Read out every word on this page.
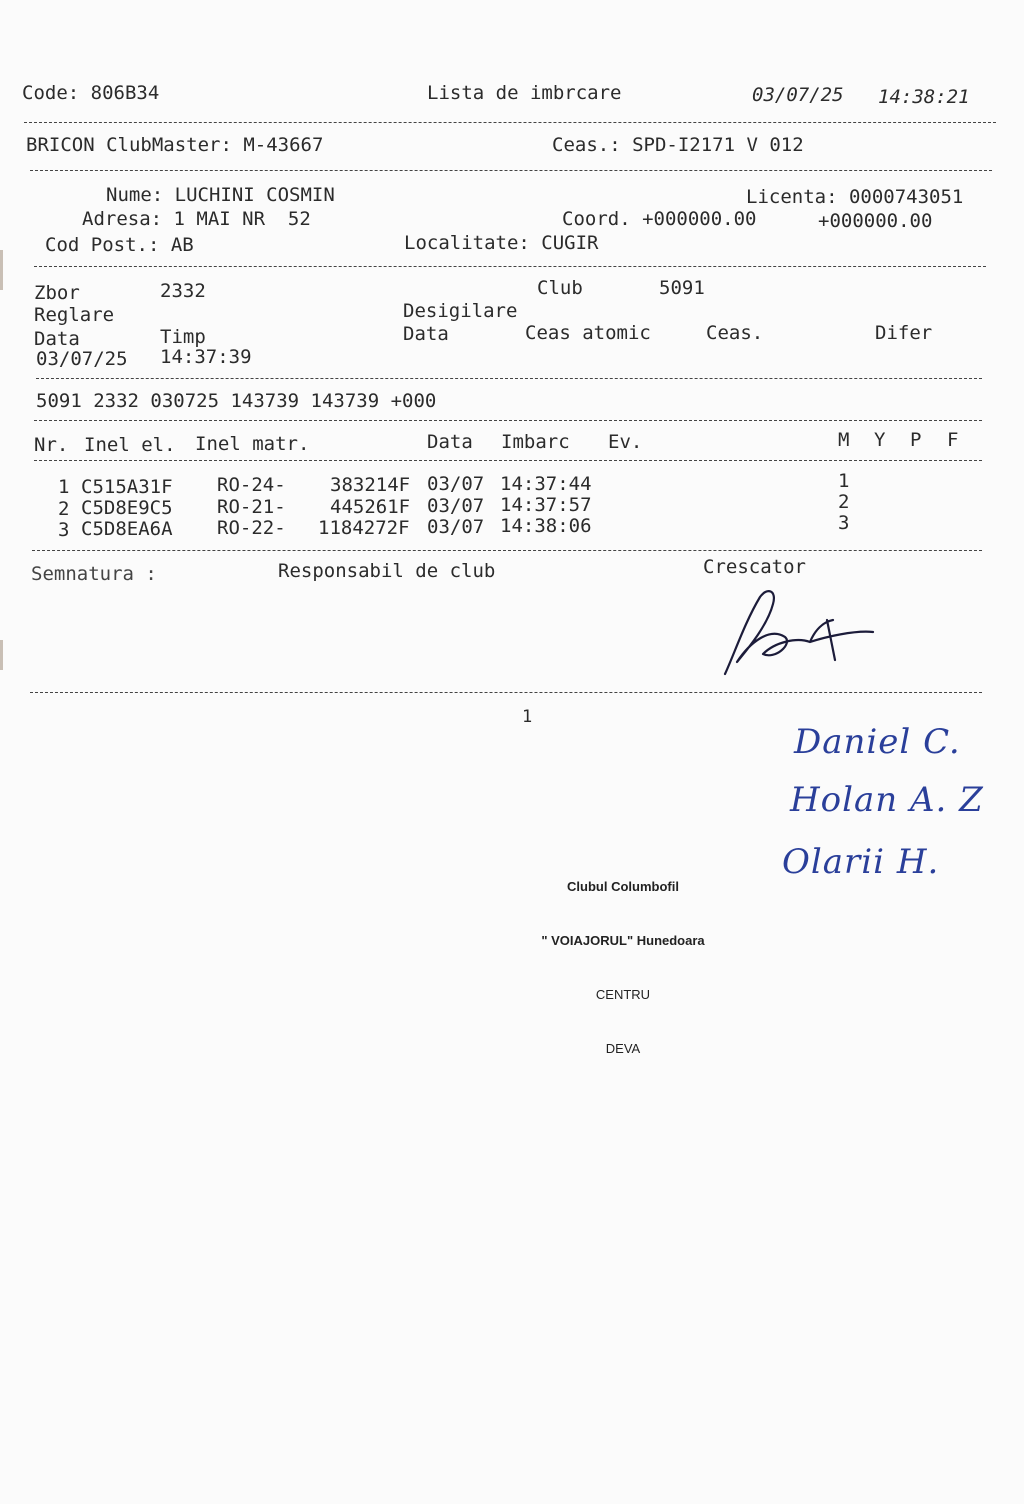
Code: 806B34	Lista de imbrcare	03/07/25 14:38:21
BRICON ClubMaster: M-43667	Ceas.: SPD-I2171 V 012
Nume: LUCHINI COSMIN	Licenta: 0000743051
Adresa: 1 MAI NR  52	Coord. +000000.00	+000000.00
Cod Post.: AB	Localitate: CUGIR
Zbor	2332	Club	5091
Desigilare
Reglare
Data	Timp	Data	Ceas atomic	Ceas.	Difer
03/07/25 14:37:39
5091 2332 030725 143739 143739 +000
Nr. Inel el. Inel matr.	Data Imbarc Ev.	M Y P F
1 C515A31F RO-24- 383214F 03/07 14:37:44	1
2 C5D8E9C5 RO-21- 445261F 03/07 14:37:57	2
3 C5D8EA6A RO-22- 1184272F 03/07 14:38:06	3
Semnatura :	Responsabil de club	Crescator
1
Daniel C.
Holan A. Z
Olarii H.

Clubul Columbofil

" VOIAJORUL" Hunedoara

CENTRU

DEVA
